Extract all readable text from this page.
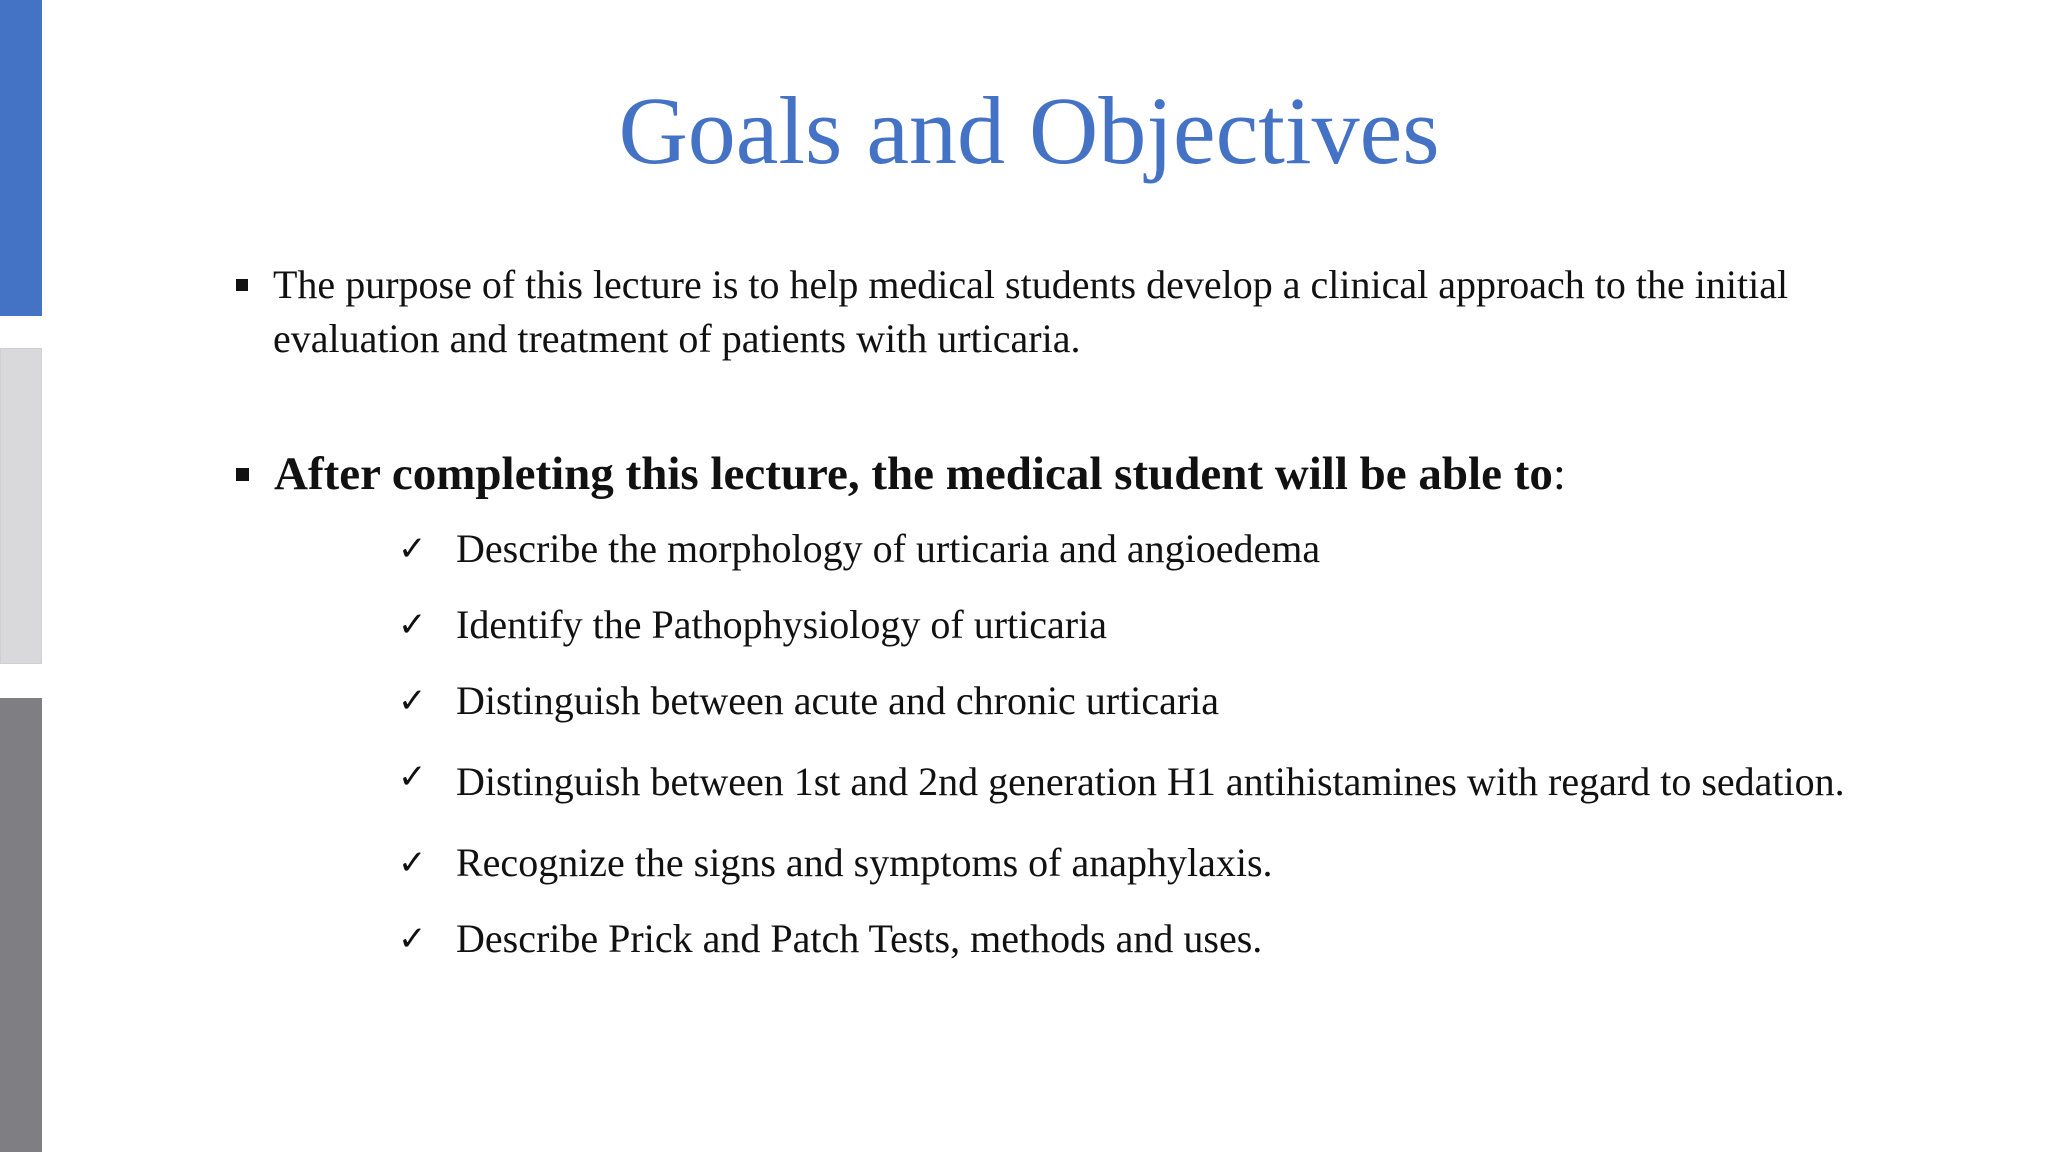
Goals and Objectives
The purpose of this lecture is to help medical students develop a clinical approach to the initial evaluation and treatment of patients with urticaria.
After completing this lecture, the medical student will be able to:
✓ Describe the morphology of urticaria and angioedema
✓ Identify the Pathophysiology of urticaria
✓ Distinguish between acute and chronic urticaria
✓ Distinguish between 1st and 2nd generation H1 antihistamines with regard to sedation.
✓ Recognize the signs and symptoms of anaphylaxis.
✓ Describe Prick and Patch Tests, methods and uses.
